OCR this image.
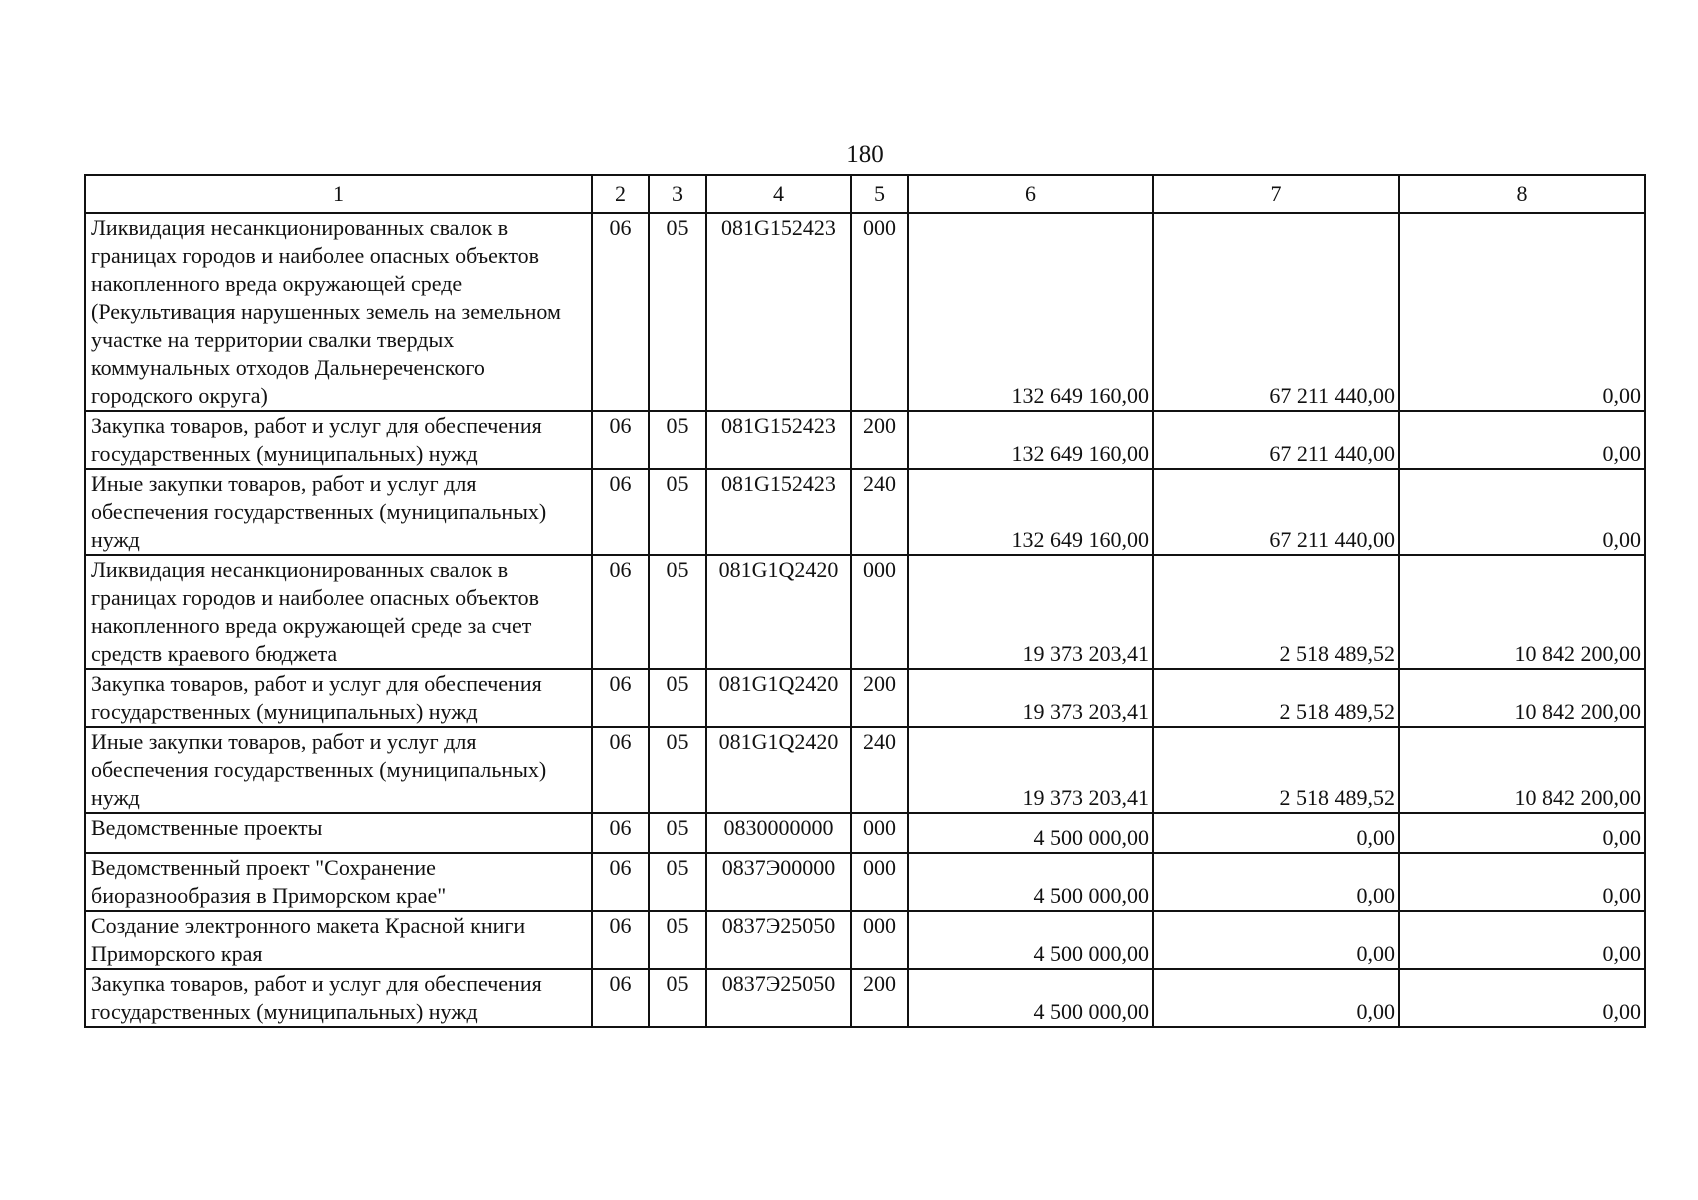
180
1	2	3	4	5	6	7	8
Ликвидация несанкционированных свалок в границах городов и наиболее опасных объектов накопленного вреда окружающей среде (Рекультивация нарушенных земель на земельном участке на территории свалки твердых коммунальных отходов Дальнереченского городского округа)	06	05	081G152423	000	132 649 160,00	67 211 440,00	0,00
Закупка товаров, работ и услуг для обеспечения государственных (муниципальных) нужд	06	05	081G152423	200	132 649 160,00	67 211 440,00	0,00
Иные закупки товаров, работ и услуг для обеспечения государственных (муниципальных) нужд	06	05	081G152423	240	132 649 160,00	67 211 440,00	0,00
Ликвидация несанкционированных свалок в границах городов и наиболее опасных объектов накопленного вреда окружающей среде за счет средств краевого бюджета	06	05	081G1Q2420	000	19 373 203,41	2 518 489,52	10 842 200,00
Закупка товаров, работ и услуг для обеспечения государственных (муниципальных) нужд	06	05	081G1Q2420	200	19 373 203,41	2 518 489,52	10 842 200,00
Иные закупки товаров, работ и услуг для обеспечения государственных (муниципальных) нужд	06	05	081G1Q2420	240	19 373 203,41	2 518 489,52	10 842 200,00
Ведомственные проекты	06	05	0830000000	000	4 500 000,00	0,00	0,00
Ведомственный проект "Сохранение биоразнообразия в Приморском крае"	06	05	0837Э00000	000	4 500 000,00	0,00	0,00
Создание электронного макета Красной книги Приморского края	06	05	0837Э25050	000	4 500 000,00	0,00	0,00
Закупка товаров, работ и услуг для обеспечения государственных (муниципальных) нужд	06	05	0837Э25050	200	4 500 000,00	0,00	0,00
